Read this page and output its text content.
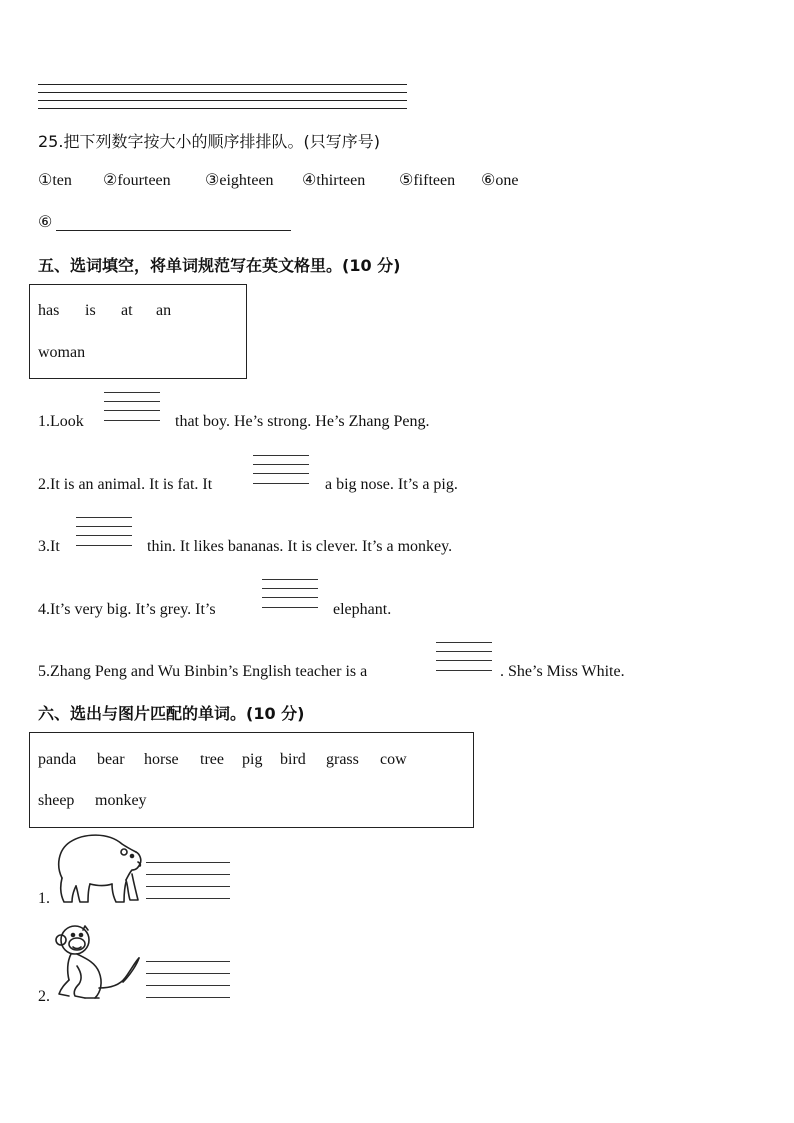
25.把下列数字按大小的顺序排排队。(只写序号)
①ten ②fourteen ③eighteen ④thirteen ⑤fifteen ⑥one
⑥
五、选词填空，将单词规范写在英文格里。(10 分)
has is at an
woman
1.Look	that boy. He’s strong. He’s Zhang Peng.
2.It is an animal. It is fat. It	a big nose. It’s a pig.
3.It	thin. It likes bananas. It is clever. It’s a monkey.
4.It’s very big. It’s grey. It’s	elephant.
5.Zhang Peng and Wu Binbin’s English teacher is a	. She’s Miss White.
六、选出与图片匹配的单词。(10 分)
panda bear horse tree pig bird grass cow
sheep monkey
1.
2.
